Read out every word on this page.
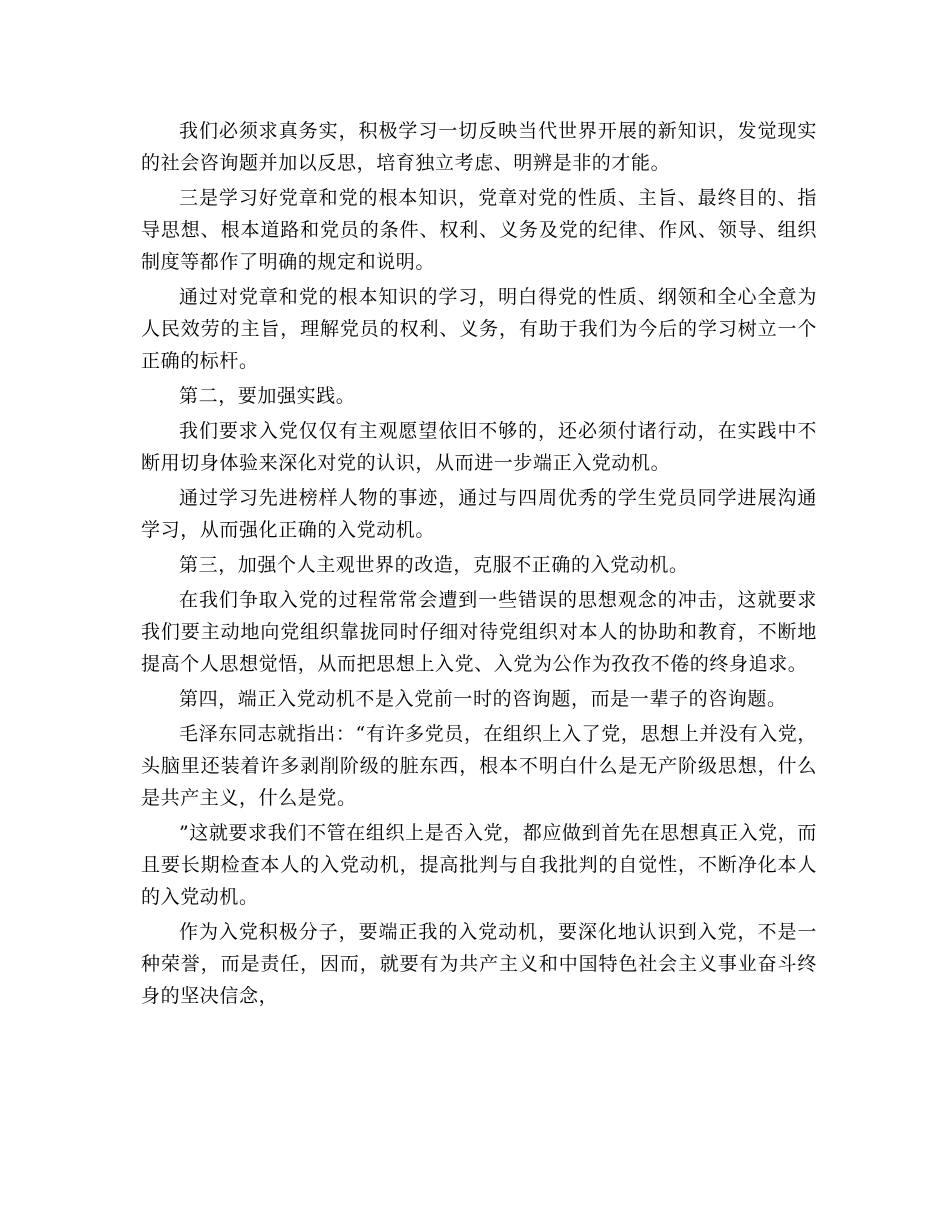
我们必须求真务实，积极学习一切反映当代世界开展的新知识，发觉现实的社会咨询题并加以反思，培育独立考虑、明辨是非的才能。

三是学习好党章和党的根本知识，党章对党的性质、主旨、最终目的、指导思想、根本道路和党员的条件、权利、义务及党的纪律、作风、领导、组织制度等都作了明确的规定和说明。

通过对党章和党的根本知识的学习，明白得党的性质、纲领和全心全意为人民效劳的主旨，理解党员的权利、义务，有助于我们为今后的学习树立一个正确的标杆。

第二，要加强实践。

我们要求入党仅仅有主观愿望依旧不够的，还必须付诸行动，在实践中不断用切身体验来深化对党的认识，从而进一步端正入党动机。

通过学习先进榜样人物的事迹，通过与四周优秀的学生党员同学进展沟通学习，从而强化正确的入党动机。

第三，加强个人主观世界的改造，克服不正确的入党动机。

在我们争取入党的过程常常会遭到一些错误的思想观念的冲击，这就要求我们要主动地向党组织靠拢同时仔细对待党组织对本人的协助和教育，不断地提高个人思想觉悟，从而把思想上入党、入党为公作为孜孜不倦的终身追求。

第四，端正入党动机不是入党前一时的咨询题，而是一辈子的咨询题。

毛泽东同志就指出：“有许多党员，在组织上入了党，思想上并没有入党，头脑里还装着许多剥削阶级的脏东西，根本不明白什么是无产阶级思想，什么是共产主义，什么是党。

”这就要求我们不管在组织上是否入党，都应做到首先在思想真正入党，而且要长期检查本人的入党动机，提高批判与自我批判的自觉性，不断净化本人的入党动机。

作为入党积极分子，要端正我的入党动机，要深化地认识到入党，不是一种荣誉，而是责任，因而，就要有为共产主义和中国特色社会主义事业奋斗终身的坚决信念，
